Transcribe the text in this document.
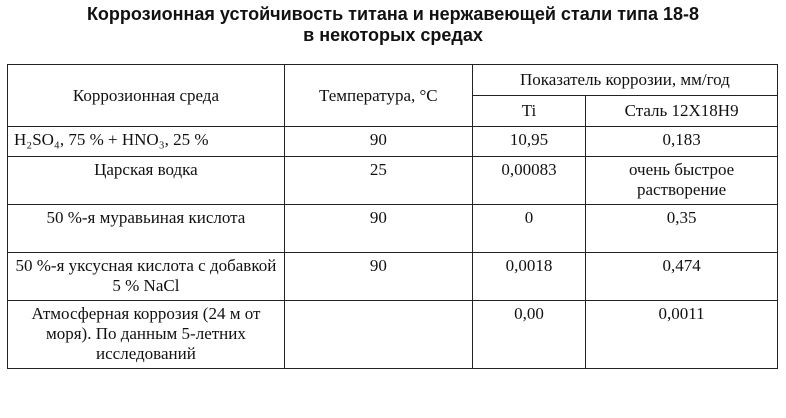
Коррозионная устойчивость титана и нержавеющей стали типа 18-8
в некоторых средах
Коррозионная среда	Температура, °С	Показатель коррозии, мм/год	
		Ti	Сталь 12Х18Н9
H₂SO₄, 75 % + HNO₃, 25 %	90	10,95	0,183
Царская водка	25	0,00083	очень быстрое растворение
50 %-я муравьиная кислота	90	0	0,35
50 %-я уксусная кислота с добавкой 5 % NaCl	90	0,0018	0,474
Атмосферная коррозия (24 м от моря). По данным 5-летних исследований		0,00	0,0011
